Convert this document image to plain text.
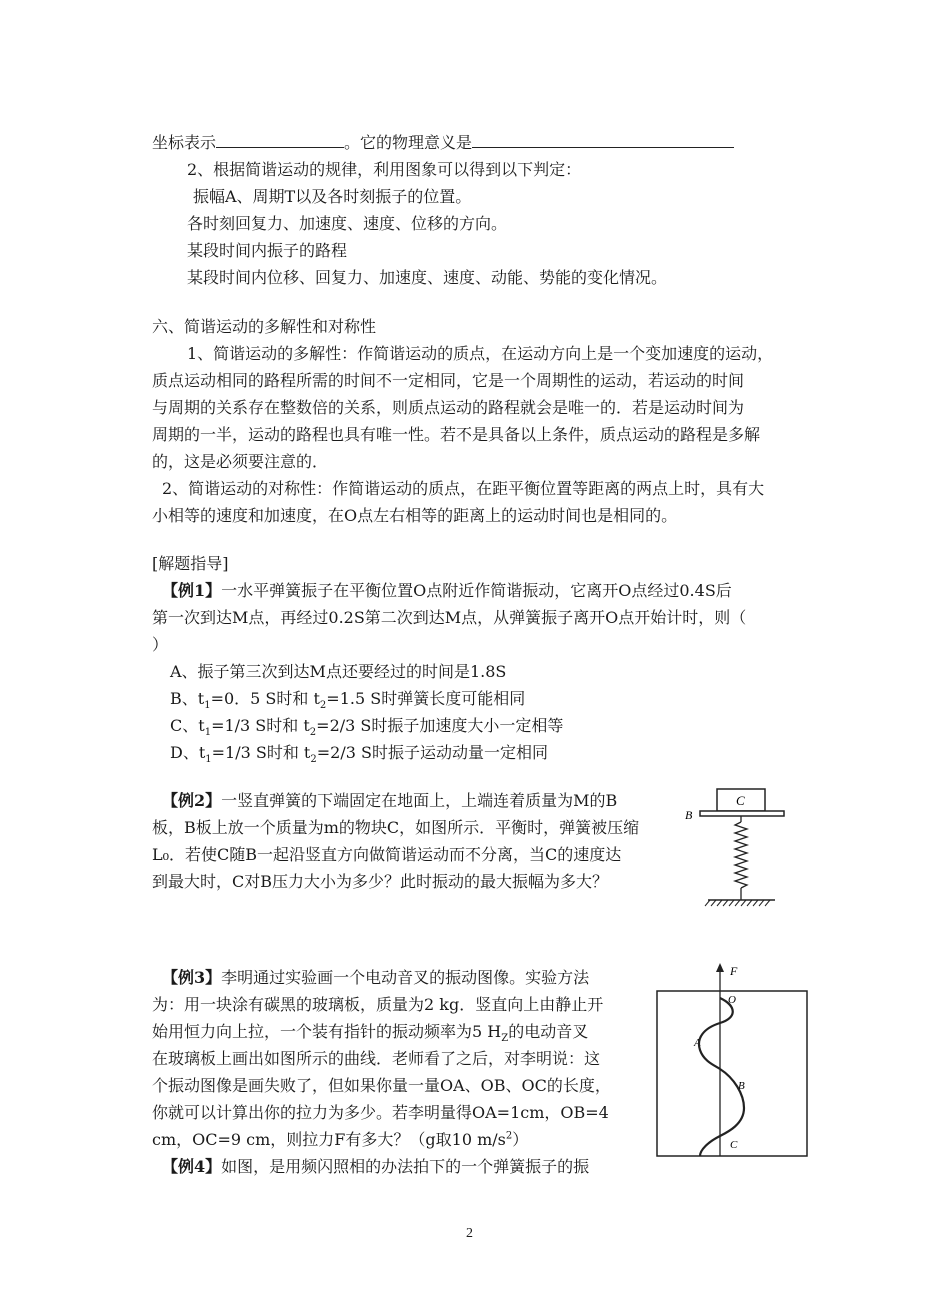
坐标表示	。它的物理意义是
2、根据简谐运动的规律，利用图象可以得到以下判定：
振幅A、周期T以及各时刻振子的位置。
各时刻回复力、加速度、速度、位移的方向。
某段时间内振子的路程
某段时间内位移、回复力、加速度、速度、动能、势能的变化情况。
六、简谐运动的多解性和对称性
1、简谐运动的多解性：作简谐运动的质点，在运动方向上是一个变加速度的运动，
质点运动相同的路程所需的时间不一定相同，它是一个周期性的运动，若运动的时间
与周期的关系存在整数倍的关系，则质点运动的路程就会是唯一的．若是运动时间为
周期的一半，运动的路程也具有唯一性。若不是具备以上条件，质点运动的路程是多解
的，这是必须要注意的．
2、简谐运动的对称性：作简谐运动的质点，在距平衡位置等距离的两点上时，具有大
小相等的速度和加速度，在O点左右相等的距离上的运动时间也是相同的。
[解题指导]
【例1】一水平弹簧振子在平衡位置O点附近作简谐振动，它离开O点经过0.4S后
第一次到达M点，再经过0.2S第二次到达M点，从弹簧振子离开O点开始计时，则（
）
A、振子第三次到达M点还要经过的时间是1.8S
B、$t_1=0$．5 S时和 $t_2=1.5$ S时弹簧长度可能相同
C、$t_1=1/3$ S时和 $t_2=2/3$ S时振子加速度大小一定相等
D、$t_1=1/3$ S时和 $t_2=2/3$ S时振子运动动量一定相同
【例2】一竖直弹簧的下端固定在地面上，上端连着质量为M的B
板，B板上放一个质量为m的物块C，如图所示．平衡时，弹簧被压缩
L₀．若使C随B一起沿竖直方向做简谐运动而不分离，当C的速度达
到最大时，C对B压力大小为多少？此时振动的最大振幅为多大？
C
B
【例3】李明通过实验画一个电动音叉的振动图像。实验方法
为：用一块涂有碳黑的玻璃板，质量为2 kg．竖直向上由静止开
始用恒力向上拉，一个装有指针的振动频率为5 $H_Z$的电动音叉
在玻璃板上画出如图所示的曲线．老师看了之后，对李明说：这
个振动图像是画失败了，但如果你量一量OA、OB、OC的长度，
你就可以计算出你的拉力为多少。若李明量得OA=1cm，OB=4
cm，OC=9 cm，则拉力F有多大？（g取10 $m/s^2$）
F
O
A
B
C
【例4】如图，是用频闪照相的办法拍下的一个弹簧振子的振
2
